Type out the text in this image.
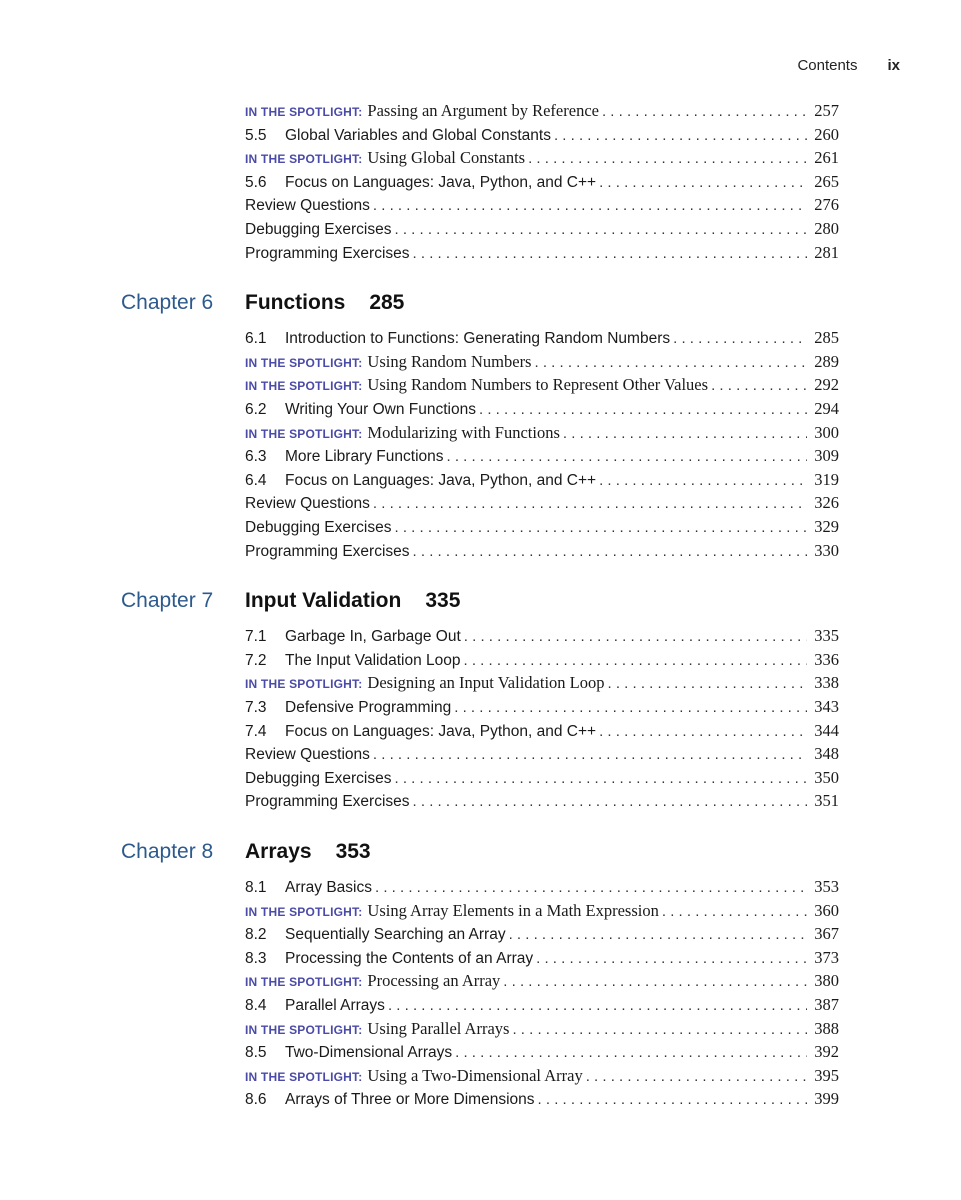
Contents ix
IN THE SPOTLIGHT: Passing an Argument by Reference . . .	257
5.5	Global Variables and Global Constants . . .	260
IN THE SPOTLIGHT: Using Global Constants . . .	261
5.6	Focus on Languages: Java, Python, and C++ . . .	265
Review Questions . . .	276
Debugging Exercises . . .	280
Programming Exercises . . .	281
Chapter 6	Functions 285
6.1	Introduction to Functions: Generating Random Numbers . . .	285
IN THE SPOTLIGHT: Using Random Numbers . . .	289
IN THE SPOTLIGHT: Using Random Numbers to Represent Other Values . . .	292
6.2	Writing Your Own Functions . . .	294
IN THE SPOTLIGHT: Modularizing with Functions . . .	300
6.3	More Library Functions . . .	309
6.4	Focus on Languages: Java, Python, and C++ . . .	319
Review Questions . . .	326
Debugging Exercises . . .	329
Programming Exercises . . .	330
Chapter 7	Input Validation 335
7.1	Garbage In, Garbage Out . . .	335
7.2	The Input Validation Loop . . .	336
IN THE SPOTLIGHT: Designing an Input Validation Loop . . .	338
7.3	Defensive Programming . . .	343
7.4	Focus on Languages: Java, Python, and C++ . . .	344
Review Questions . . .	348
Debugging Exercises . . .	350
Programming Exercises . . .	351
Chapter 8	Arrays 353
8.1	Array Basics . . .	353
IN THE SPOTLIGHT: Using Array Elements in a Math Expression . . .	360
8.2	Sequentially Searching an Array . . .	367
8.3	Processing the Contents of an Array . . .	373
IN THE SPOTLIGHT: Processing an Array . . .	380
8.4	Parallel Arrays . . .	387
IN THE SPOTLIGHT: Using Parallel Arrays . . .	388
8.5	Two-Dimensional Arrays . . .	392
IN THE SPOTLIGHT: Using a Two-Dimensional Array . . .	395
8.6	Arrays of Three or More Dimensions . . .	399
